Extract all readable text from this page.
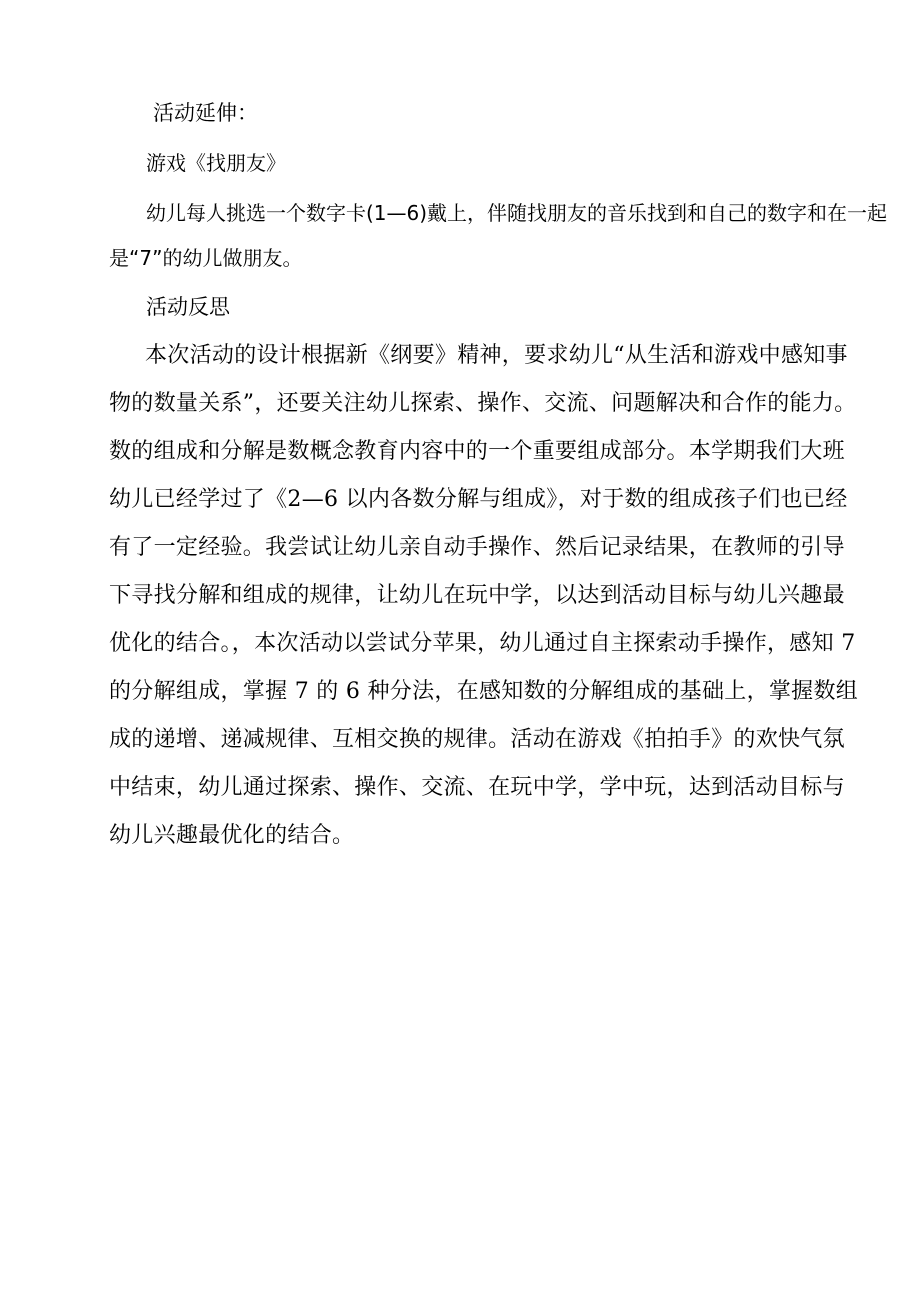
活动延伸：
游戏《找朋友》
幼儿每人挑选一个数字卡(1—6)戴上，伴随找朋友的音乐找到和自己的数字和在一起
是“7”的幼儿做朋友。
活动反思
本次活动的设计根据新《纲要》精神，要求幼儿“从生活和游戏中感知事
物的数量关系”，还要关注幼儿探索、操作、交流、问题解决和合作的能力。
数的组成和分解是数概念教育内容中的一个重要组成部分。本学期我们大班
幼儿已经学过了《2—6 以内各数分解与组成》，对于数的组成孩子们也已经
有了一定经验。我尝试让幼儿亲自动手操作、然后记录结果，在教师的引导
下寻找分解和组成的规律，让幼儿在玩中学，以达到活动目标与幼儿兴趣最
优化的结合。，本次活动以尝试分苹果，幼儿通过自主探索动手操作，感知 7
的分解组成，掌握 7 的 6 种分法，在感知数的分解组成的基础上，掌握数组
成的递增、递减规律、互相交换的规律。活动在游戏《拍拍手》的欢快气氛
中结束，幼儿通过探索、操作、交流、在玩中学，学中玩，达到活动目标与
幼儿兴趣最优化的结合。
